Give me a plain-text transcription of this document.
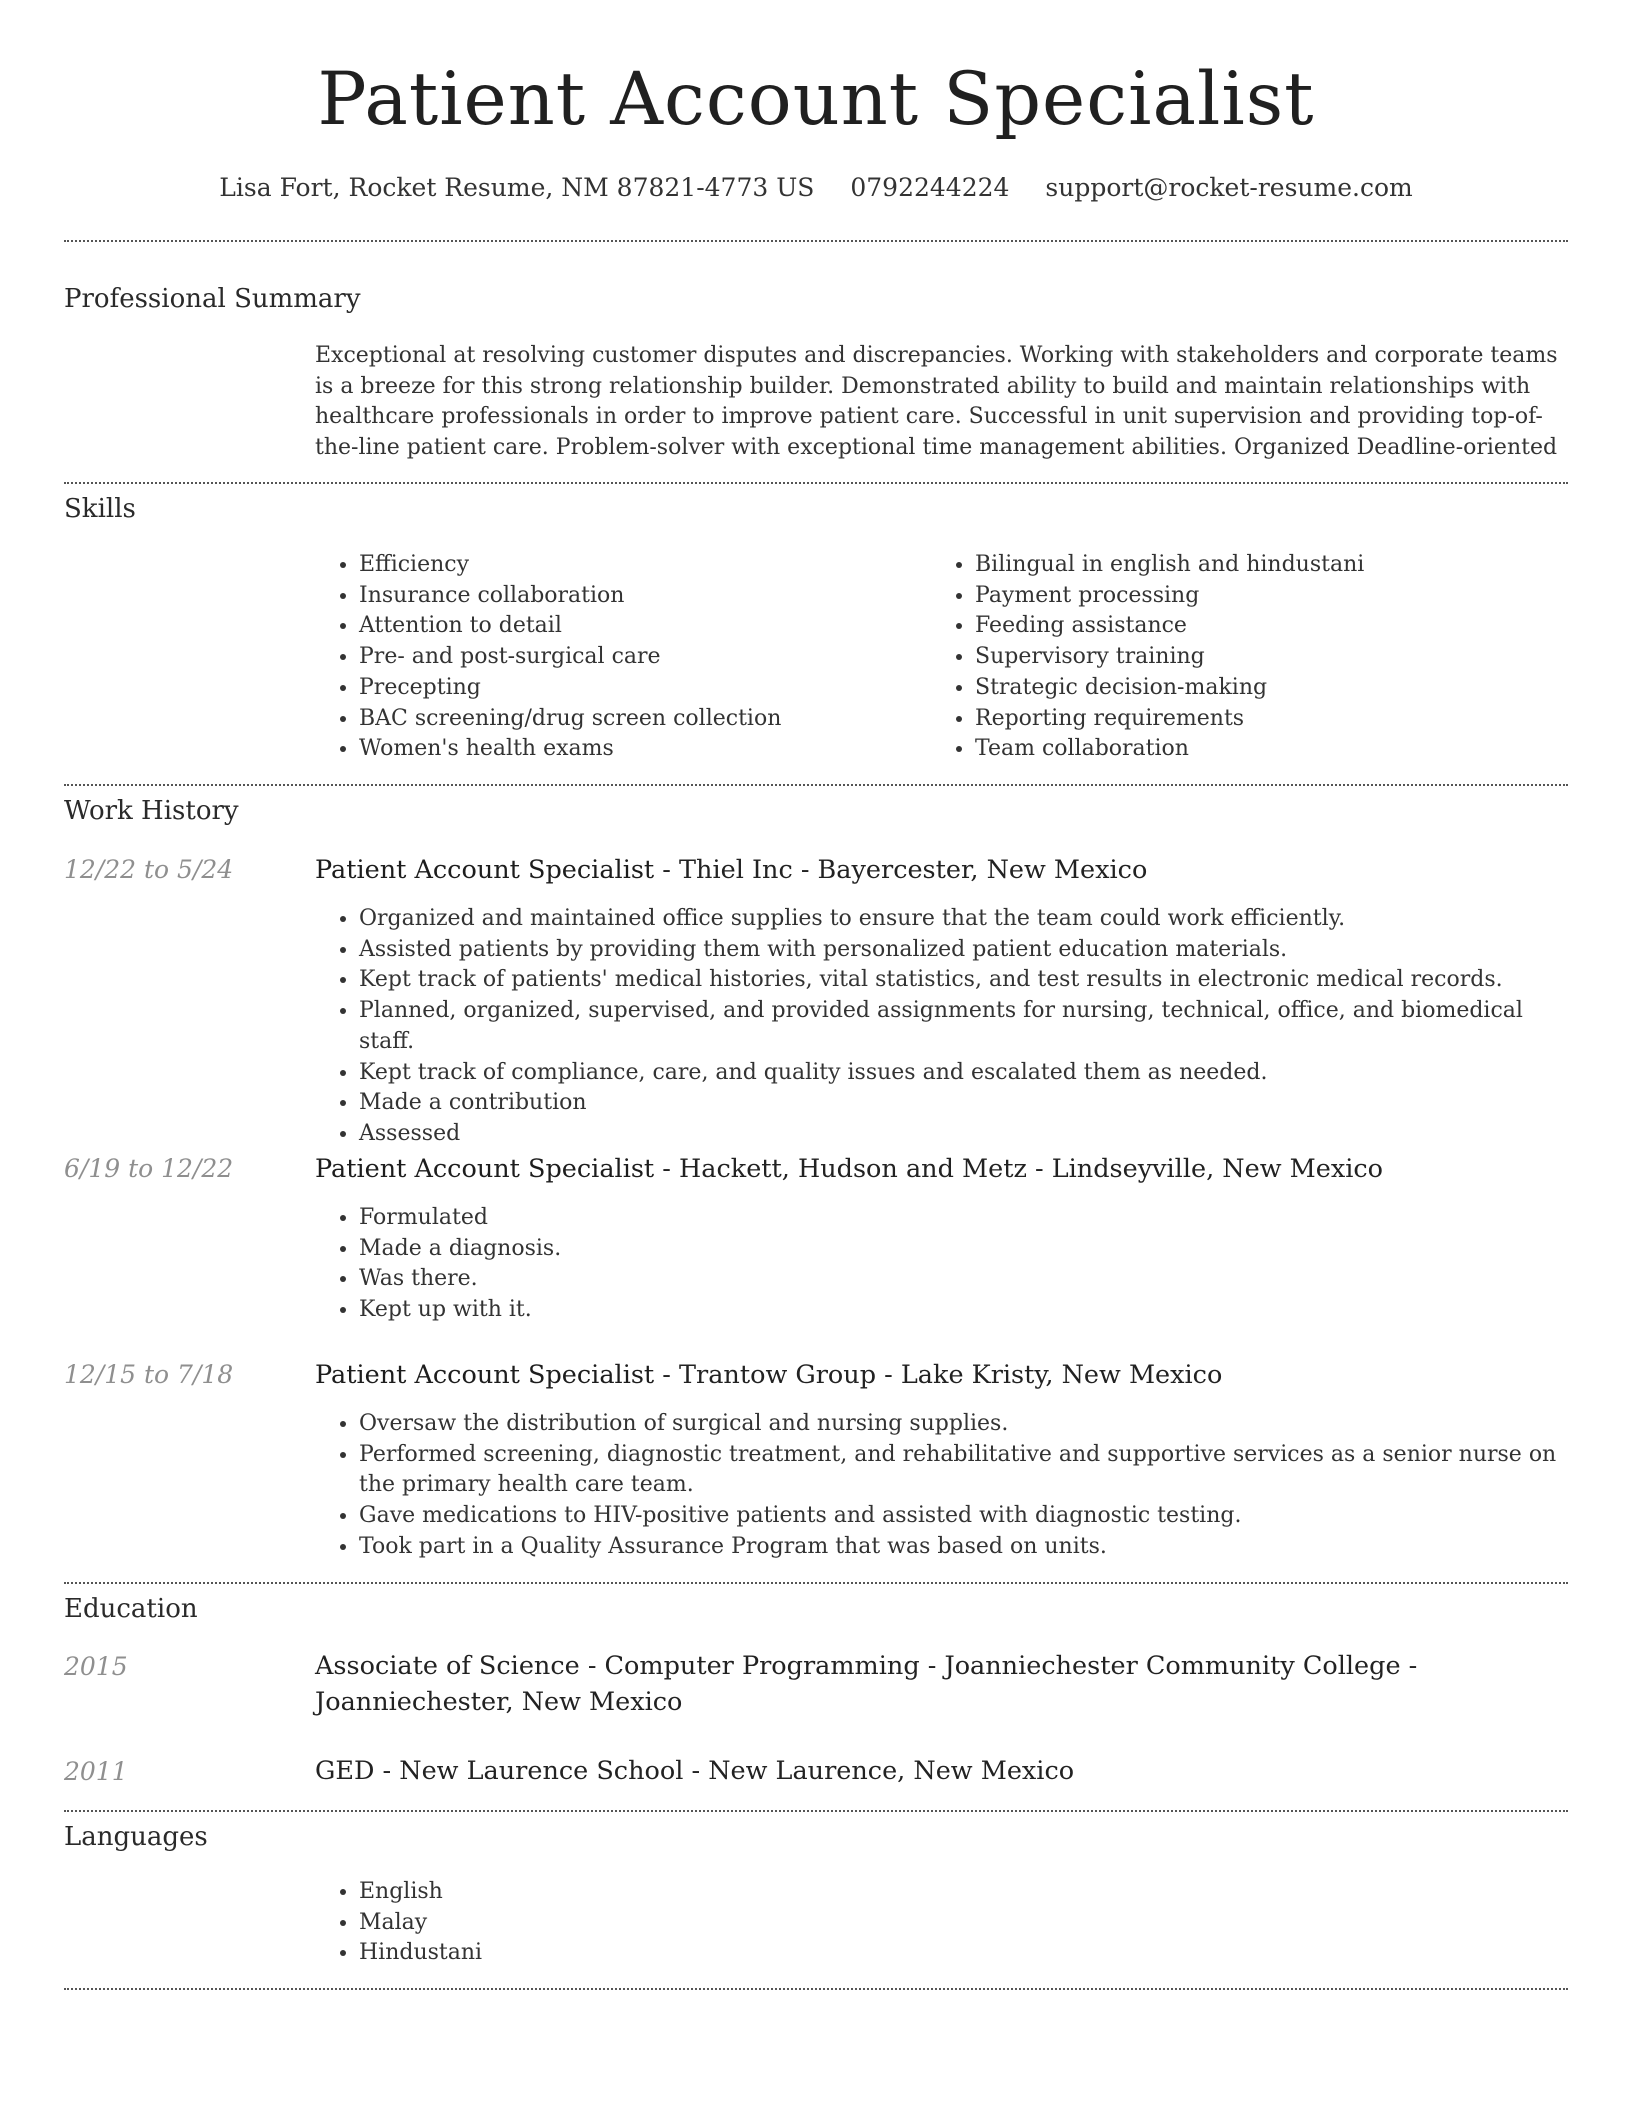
Patient Account Specialist
Lisa Fort, Rocket Resume, NM 87821-4773 US 0792244224 support@rocket-resume.com
Professional Summary

Exceptional at resolving customer disputes and discrepancies. Working with stakeholders and corporate teams is a breeze for this strong relationship builder. Demonstrated ability to build and maintain relationships with healthcare professionals in order to improve patient care. Successful in unit supervision and providing top-of-the-line patient care. Problem-solver with exceptional time management abilities. Organized Deadline-oriented

Skills
• Efficiency
• Insurance collaboration
• Attention to detail
• Pre- and post-surgical care
• Precepting
• BAC screening/drug screen collection
• Women's health exams
• Bilingual in english and hindustani
• Payment processing
• Feeding assistance
• Supervisory training
• Strategic decision-making
• Reporting requirements
• Team collaboration
Work History
12/22 to 5/24	Patient Account Specialist - Thiel Inc - Bayercester, New Mexico
• Organized and maintained office supplies to ensure that the team could work efficiently.
• Assisted patients by providing them with personalized patient education materials.
• Kept track of patients' medical histories, vital statistics, and test results in electronic medical records.
• Planned, organized, supervised, and provided assignments for nursing, technical, office, and biomedical staff.
• Kept track of compliance, care, and quality issues and escalated them as needed.
• Made a contribution
• Assessed
6/19 to 12/22	Patient Account Specialist - Hackett, Hudson and Metz - Lindseyville, New Mexico
• Formulated
• Made a diagnosis.
• Was there.
• Kept up with it.
12/15 to 7/18	Patient Account Specialist - Trantow Group - Lake Kristy, New Mexico
• Oversaw the distribution of surgical and nursing supplies.
• Performed screening, diagnostic treatment, and rehabilitative and supportive services as a senior nurse on the primary health care team.
• Gave medications to HIV-positive patients and assisted with diagnostic testing.
• Took part in a Quality Assurance Program that was based on units.
Education
2015	Associate of Science - Computer Programming - Joanniechester Community College - Joanniechester, New Mexico
2011	GED - New Laurence School - New Laurence, New Mexico
Languages
• English
• Malay
• Hindustani
